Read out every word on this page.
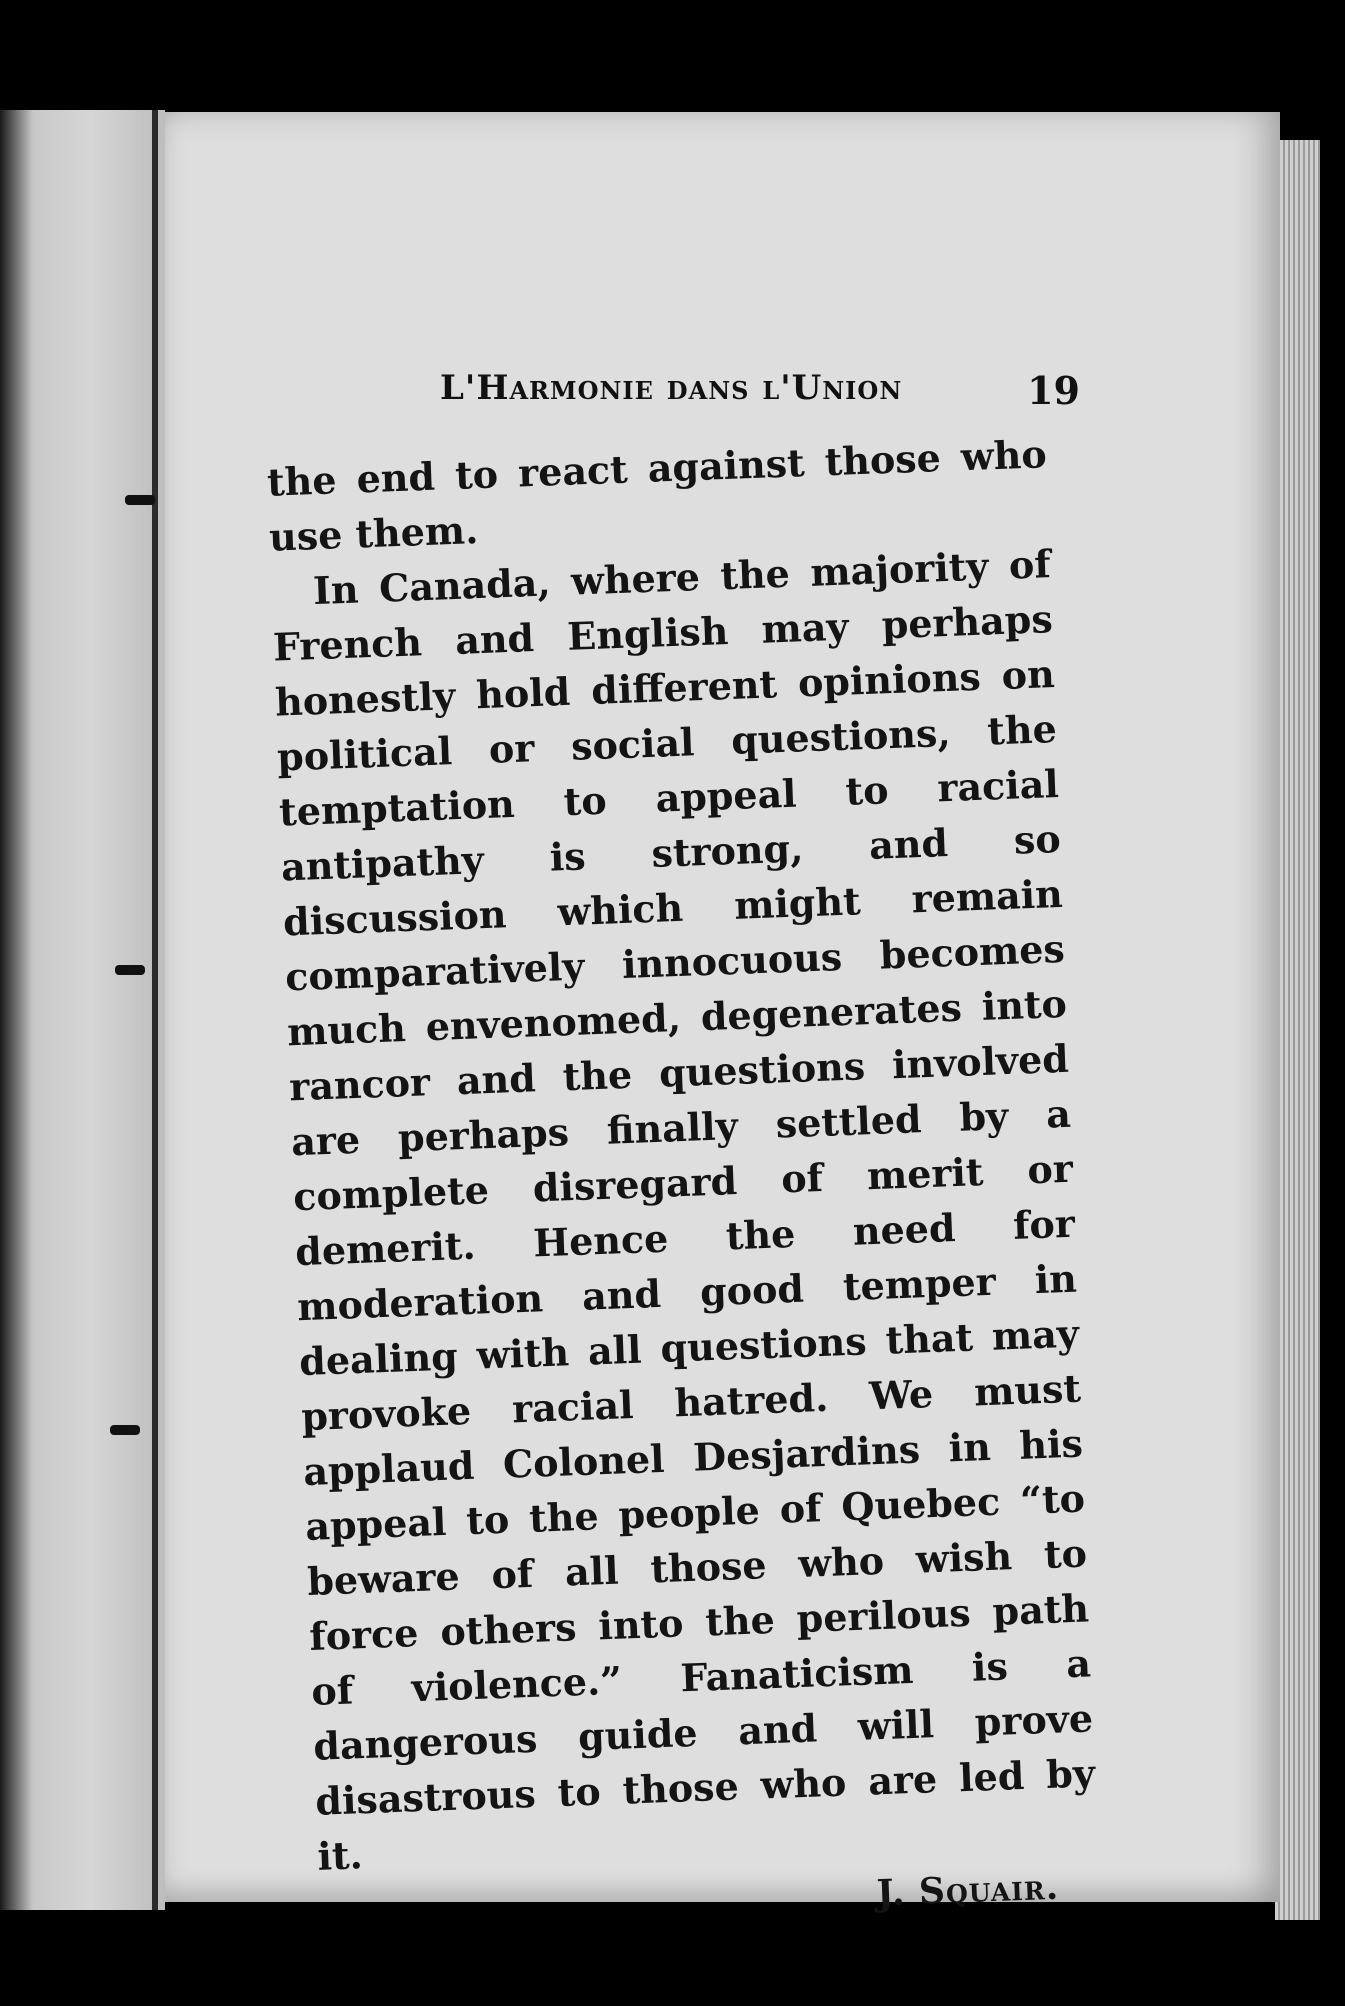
L'Harmonie dans l'Union	19

the end to react against those who use them.

In Canada, where the majority of French and English may perhaps honestly hold different opinions on political or social questions, the temptation to appeal to racial antipathy is strong, and so discussion which might remain comparatively innocuous becomes much envenomed, degenerates into rancor and the questions involved are perhaps finally settled by a complete disregard of merit or demerit. Hence the need for moderation and good temper in dealing with all questions that may provoke racial hatred. We must applaud Colonel Desjardins in his appeal to the people of Quebec “to beware of all those who wish to force others into the perilous path of violence.” Fanaticism is a dangerous guide and will prove disastrous to those who are led by it.

J. Squair.
